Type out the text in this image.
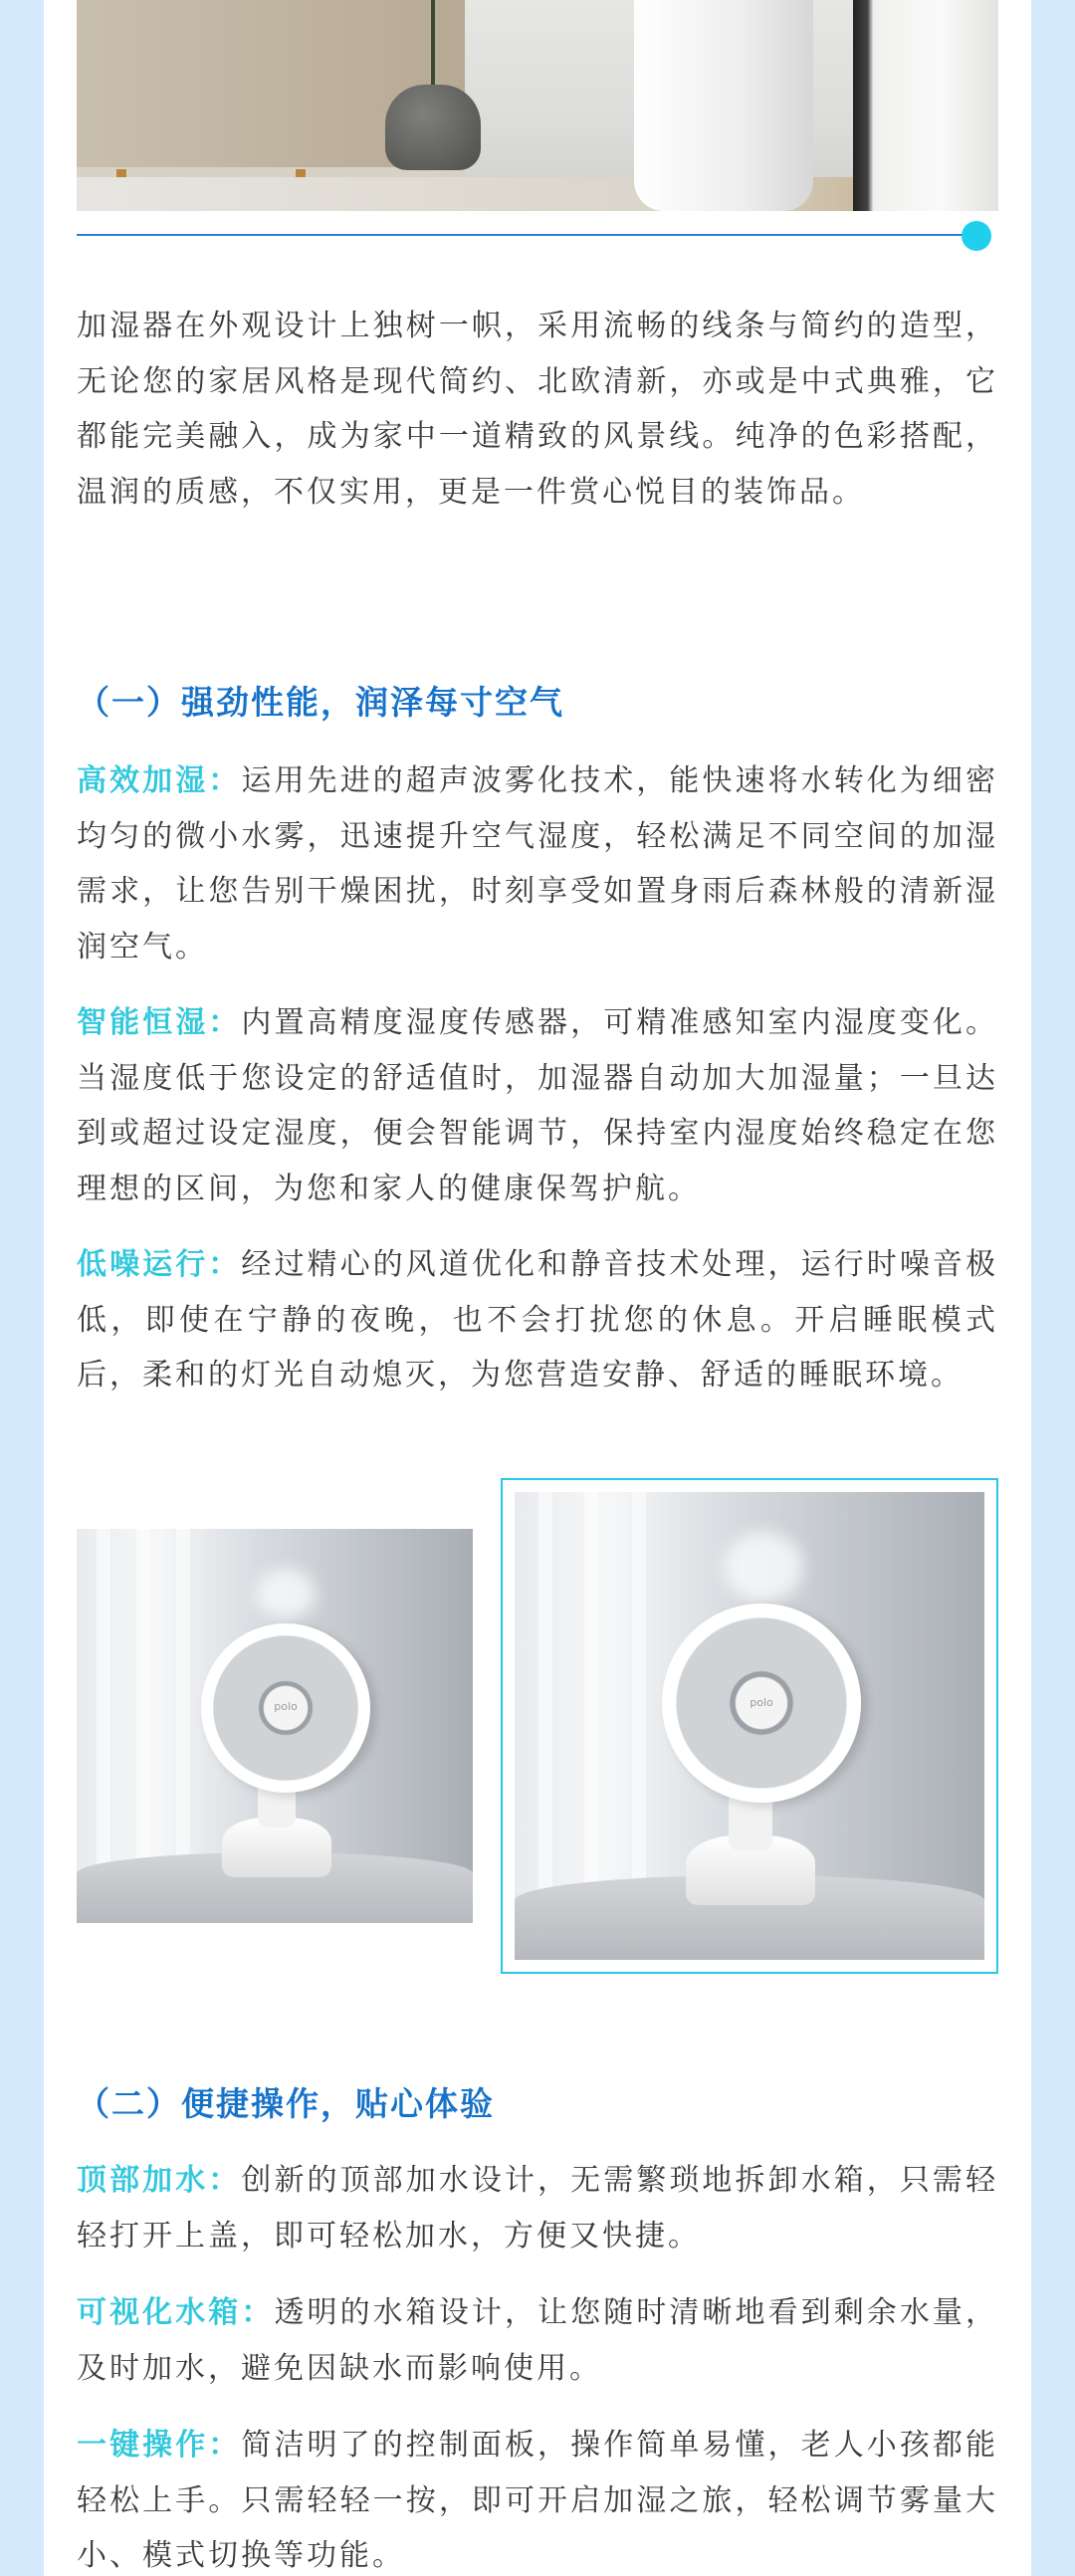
加湿器在外观设计上独树一帜，采用流畅的线条与简约的造型，无论您的家居风格是现代简约、北欧清新，亦或是中式典雅，它都能完美融入，成为家中一道精致的风景线。纯净的色彩搭配，温润的质感，不仅实用，更是一件赏心悦目的装饰品。

（一）强劲性能，润泽每寸空气

高效加湿：运用先进的超声波雾化技术，能快速将水转化为细密均匀的微小水雾，迅速提升空气湿度，轻松满足不同空间的加湿需求，让您告别干燥困扰，时刻享受如置身雨后森林般的清新湿润空气。

智能恒湿：内置高精度湿度传感器，可精准感知室内湿度变化。当湿度低于您设定的舒适值时，加湿器自动加大加湿量；一旦达到或超过设定湿度，便会智能调节，保持室内湿度始终稳定在您理想的区间，为您和家人的健康保驾护航。

低噪运行：经过精心的风道优化和静音技术处理，运行时噪音极低，即使在宁静的夜晚，也不会打扰您的休息。开启睡眠模式后，柔和的灯光自动熄灭，为您营造安静、舒适的睡眠环境。

polo	polo
（二）便捷操作，贴心体验

顶部加水：创新的顶部加水设计，无需繁琐地拆卸水箱，只需轻轻打开上盖，即可轻松加水，方便又快捷。

可视化水箱：透明的水箱设计，让您随时清晰地看到剩余水量，及时加水，避免因缺水而影响使用。

一键操作：简洁明了的控制面板，操作简单易懂，老人小孩都能轻松上手。只需轻轻一按，即可开启加湿之旅，轻松调节雾量大小、模式切换等功能。
